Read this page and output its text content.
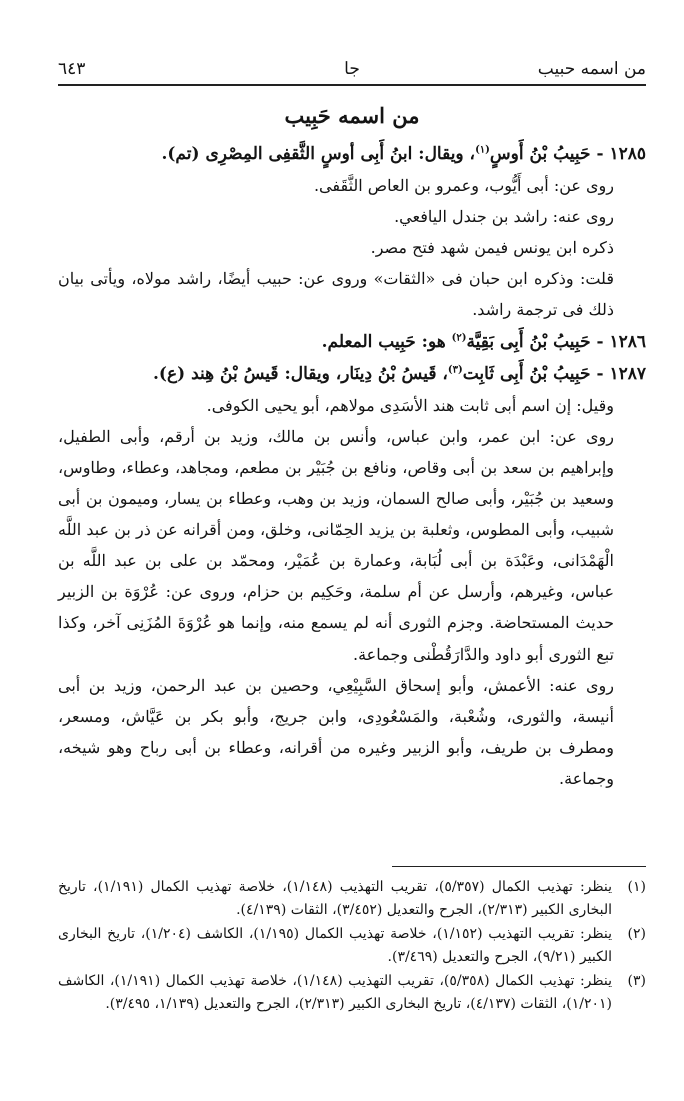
من اسمه حبيب
جا
٦٤٣
من اسمه حَبِيب

١٢٨٥ - حَبِيبُ بْنُ أَوسٍ$^{(١)}$، ويقال: ابنُ أَبِى أوسٍ الثَّقفِى المِصْرِى (تم).

روى عن: أبى أَيُّوب، وعمرو بن العاص الثَّقَفى.

روى عنه: راشد بن جندل اليافعي.

ذكره ابن يونس فيمن شهد فتح مصر.

قلت: وذكره ابن حبان فى «الثقات» وروى عن: حبيب أيضًا، راشد مولاه، ويأتى بيان ذلك فى ترجمة راشد.

١٢٨٦ - حَبِيبُ بْنُ أَبِى بَقِيَّة$^{(٢)}$ هو: حَبِيب المعلم.

١٢٨٧ - حَبِيبُ بْنُ أَبِى ثَابِت$^{(٣)}$، قَيسُ بْنُ دِينَار، ويقال: قَيسُ بْنُ هِند (ع).

وقيل: إن اسم أبى ثابت هند الأسَدِى مولاهم، أبو يحيى الكوفى.

روى عن: ابن عمر، وابن عباس، وأنس بن مالك، وزيد بن أرقم، وأبى الطفيل، وإبراهيم بن سعد بن أبى وقاص، ونافع بن جُبَيْر بن مطعم، ومجاهد، وعطاء، وطاوس، وسعيد بن جُبَيْر، وأبى صالح السمان، وزيد بن وهب، وعطاء بن يسار، وميمون بن أبى شبيب، وأبى المطوس، وثعلبة بن يزيد الحِمّانى، وخلق، ومن أقرانه عن ذر بن عبد اللَّه الْهَمْدَانى، وعَبْدَة بن أبى لُبَابة، وعمارة بن عُمَيْر، ومحمّد بن على بن عبد اللَّه بن عباس، وغيرهم، وأرسل عن أم سلمة، وحَكِيم بن حزام، وروى عن: عُرْوَة بن الزبير حديث المستحاضة. وجزم الثورى أنه لم يسمع منه، وإنما هو عُرْوَةَ المُزَنِى آخر، وكذا تبع الثورى أبو داود والدَّارَقُطْنى وجماعة.

روى عنه: الأعمش، وأبو إسحاق السَّبِيْعِي، وحصين بن عبد الرحمن، وزيد بن أبى أنيسة، والثورى، وشُعْبة، والمَسْعُودِى، وابن جريج، وأبو بكر بن عَيَّاش، ومسعر، ومطرف بن طريف، وأبو الزبير وغيره من أقرانه، وعطاء بن أبى رباح وهو شيخه، وجماعة.

(١)
ينظر: تهذيب الكمال (٥/٣٥٧)، تقريب التهذيب (١/١٤٨)، خلاصة تهذيب الكمال (١/١٩١)، تاريخ البخارى الكبير (٢/٣١٣)، الجرح والتعديل (٣/٤٥٢)، الثقات (٤/١٣٩).
(٢)
ينظر: تقريب التهذيب (١/١٥٢)، خلاصة تهذيب الكمال (١/١٩٥)، الكاشف (١/٢٠٤)، تاريخ البخارى الكبير (٩/٢١)، الجرح والتعديل (٣/٤٦٩).
(٣)
ينظر: تهذيب الكمال (٥/٣٥٨)، تقريب التهذيب (١/١٤٨)، خلاصة تهذيب الكمال (١/١٩١)، الكاشف (١/٢٠١)، الثقات (٤/١٣٧)، تاريخ البخارى الكبير (٢/٣١٣)، الجرح والتعديل (١/١٣٩، ٣/٤٩٥).
